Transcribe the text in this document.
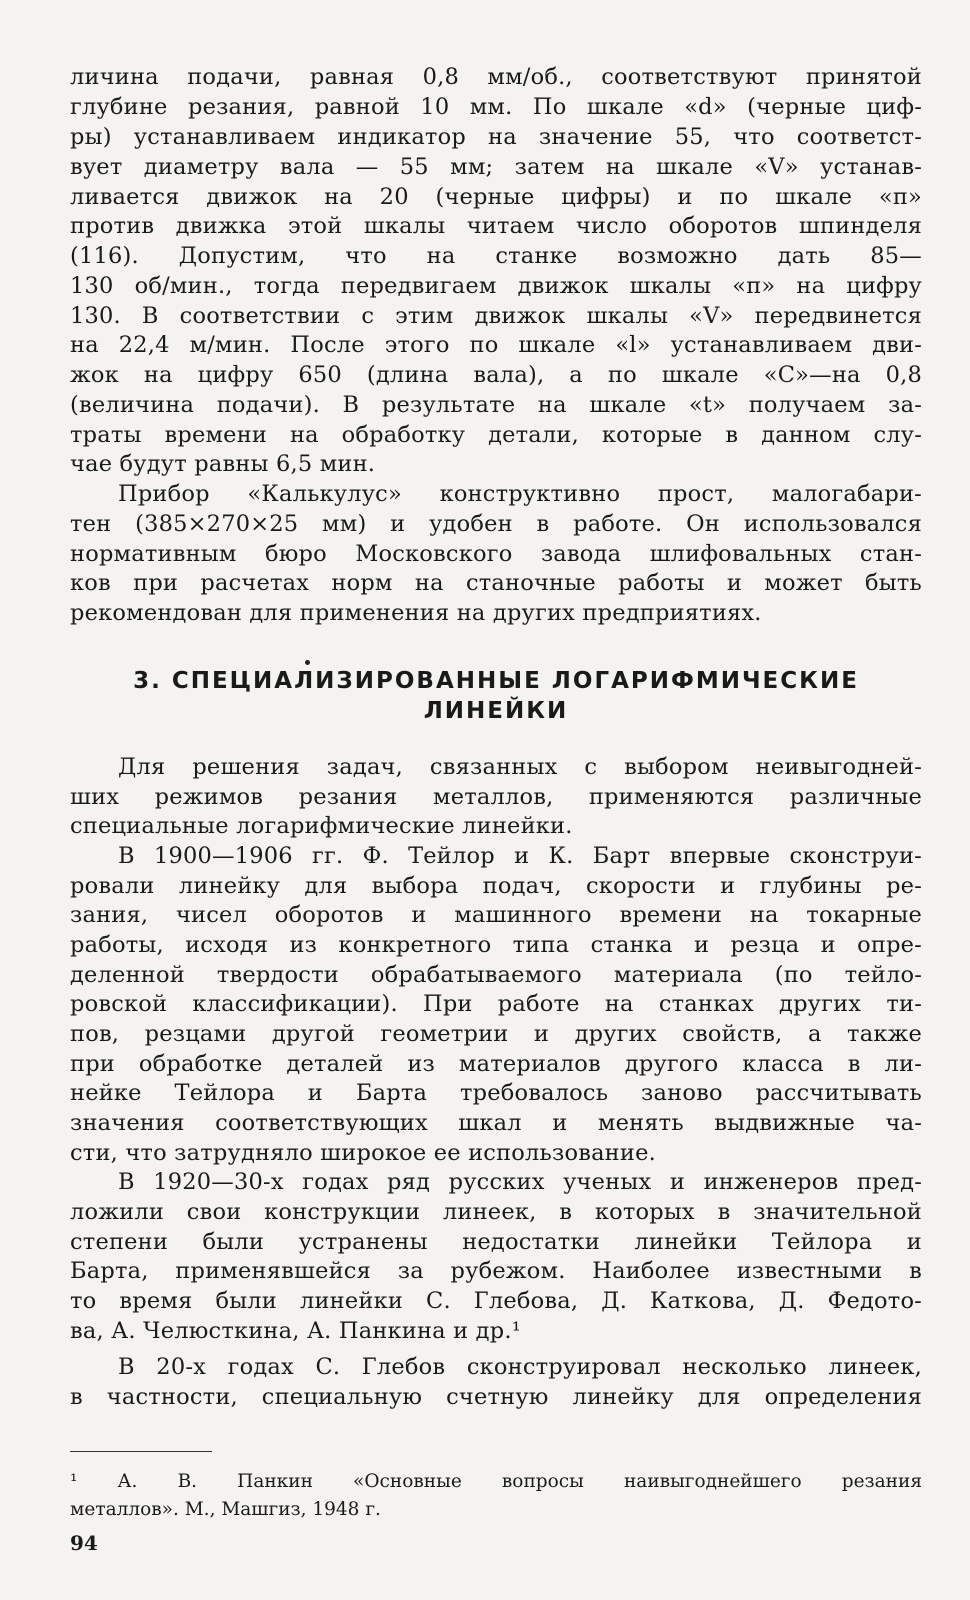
личина подачи, равная 0,8 мм/об., соответствуют принятой
глубине резания, равной 10 мм. По шкале «d» (черные циф-
ры) устанавливаем индикатор на значение 55, что соответст-
вует диаметру вала — 55 мм; затем на шкале «V» устанав-
ливается движок на 20 (черные цифры) и по шкале «п»
против движка этой шкалы читаем число оборотов шпинделя
(116). Допустим, что на станке возможно дать 85—
130 об/мин., тогда передвигаем движок шкалы «п» на цифру
130. В соответствии с этим движок шкалы «V» передвинется
на 22,4 м/мин. После этого по шкале «l» устанавливаем дви-
жок на цифру 650 (длина вала), а по шкале «С»—на 0,8
(величина подачи). В результате на шкале «t» получаем за-
траты времени на обработку детали, которые в данном слу-
чае будут равны 6,5 мин.
Прибор «Калькулус» конструктивно прост, малогабари-
тен (385×270×25 мм) и удобен в работе. Он использовался
нормативным бюро Московского завода шлифовальных стан-
ков при расчетах норм на станочные работы и может быть
рекомендован для применения на других предприятиях.
3. СПЕЦИАЛИЗИРОВАННЫЕ ЛОГАРИФМИЧЕСКИЕ
ЛИНЕЙКИ
Для решения задач, связанных с выбором неивыгодней-
ших режимов резания металлов, применяются различные
специальные логарифмические линейки.
В 1900—1906 гг. Ф. Тейлор и К. Барт впервые сконструи-
ровали линейку для выбора подач, скорости и глубины ре-
зания, чисел оборотов и машинного времени на токарные
работы, исходя из конкретного типа станка и резца и опре-
деленной твердости обрабатываемого материала (по тейло-
ровской классификации). При работе на станках других ти-
пов, резцами другой геометрии и других свойств, а также
при обработке деталей из материалов другого класса в ли-
нейке Тейлора и Барта требовалось заново рассчитывать
значения соответствующих шкал и менять выдвижные ча-
сти, что затрудняло широкое ее использование.
В 1920—30-х годах ряд русских ученых и инженеров пред-
ложили свои конструкции линеек, в которых в значительной
степени были устранены недостатки линейки Тейлора и
Барта, применявшейся за рубежом. Наиболее известными в
то время были линейки С. Глебова, Д. Каткова, Д. Федото-
ва, А. Челюсткина, А. Панкина и др.¹
В 20-х годах С. Глебов сконструировал несколько линеек,
в частности, специальную счетную линейку для определения
¹ А. В. Панкин «Основные вопросы наивыгоднейшего резания
металлов». М., Машгиз, 1948 г.
94
